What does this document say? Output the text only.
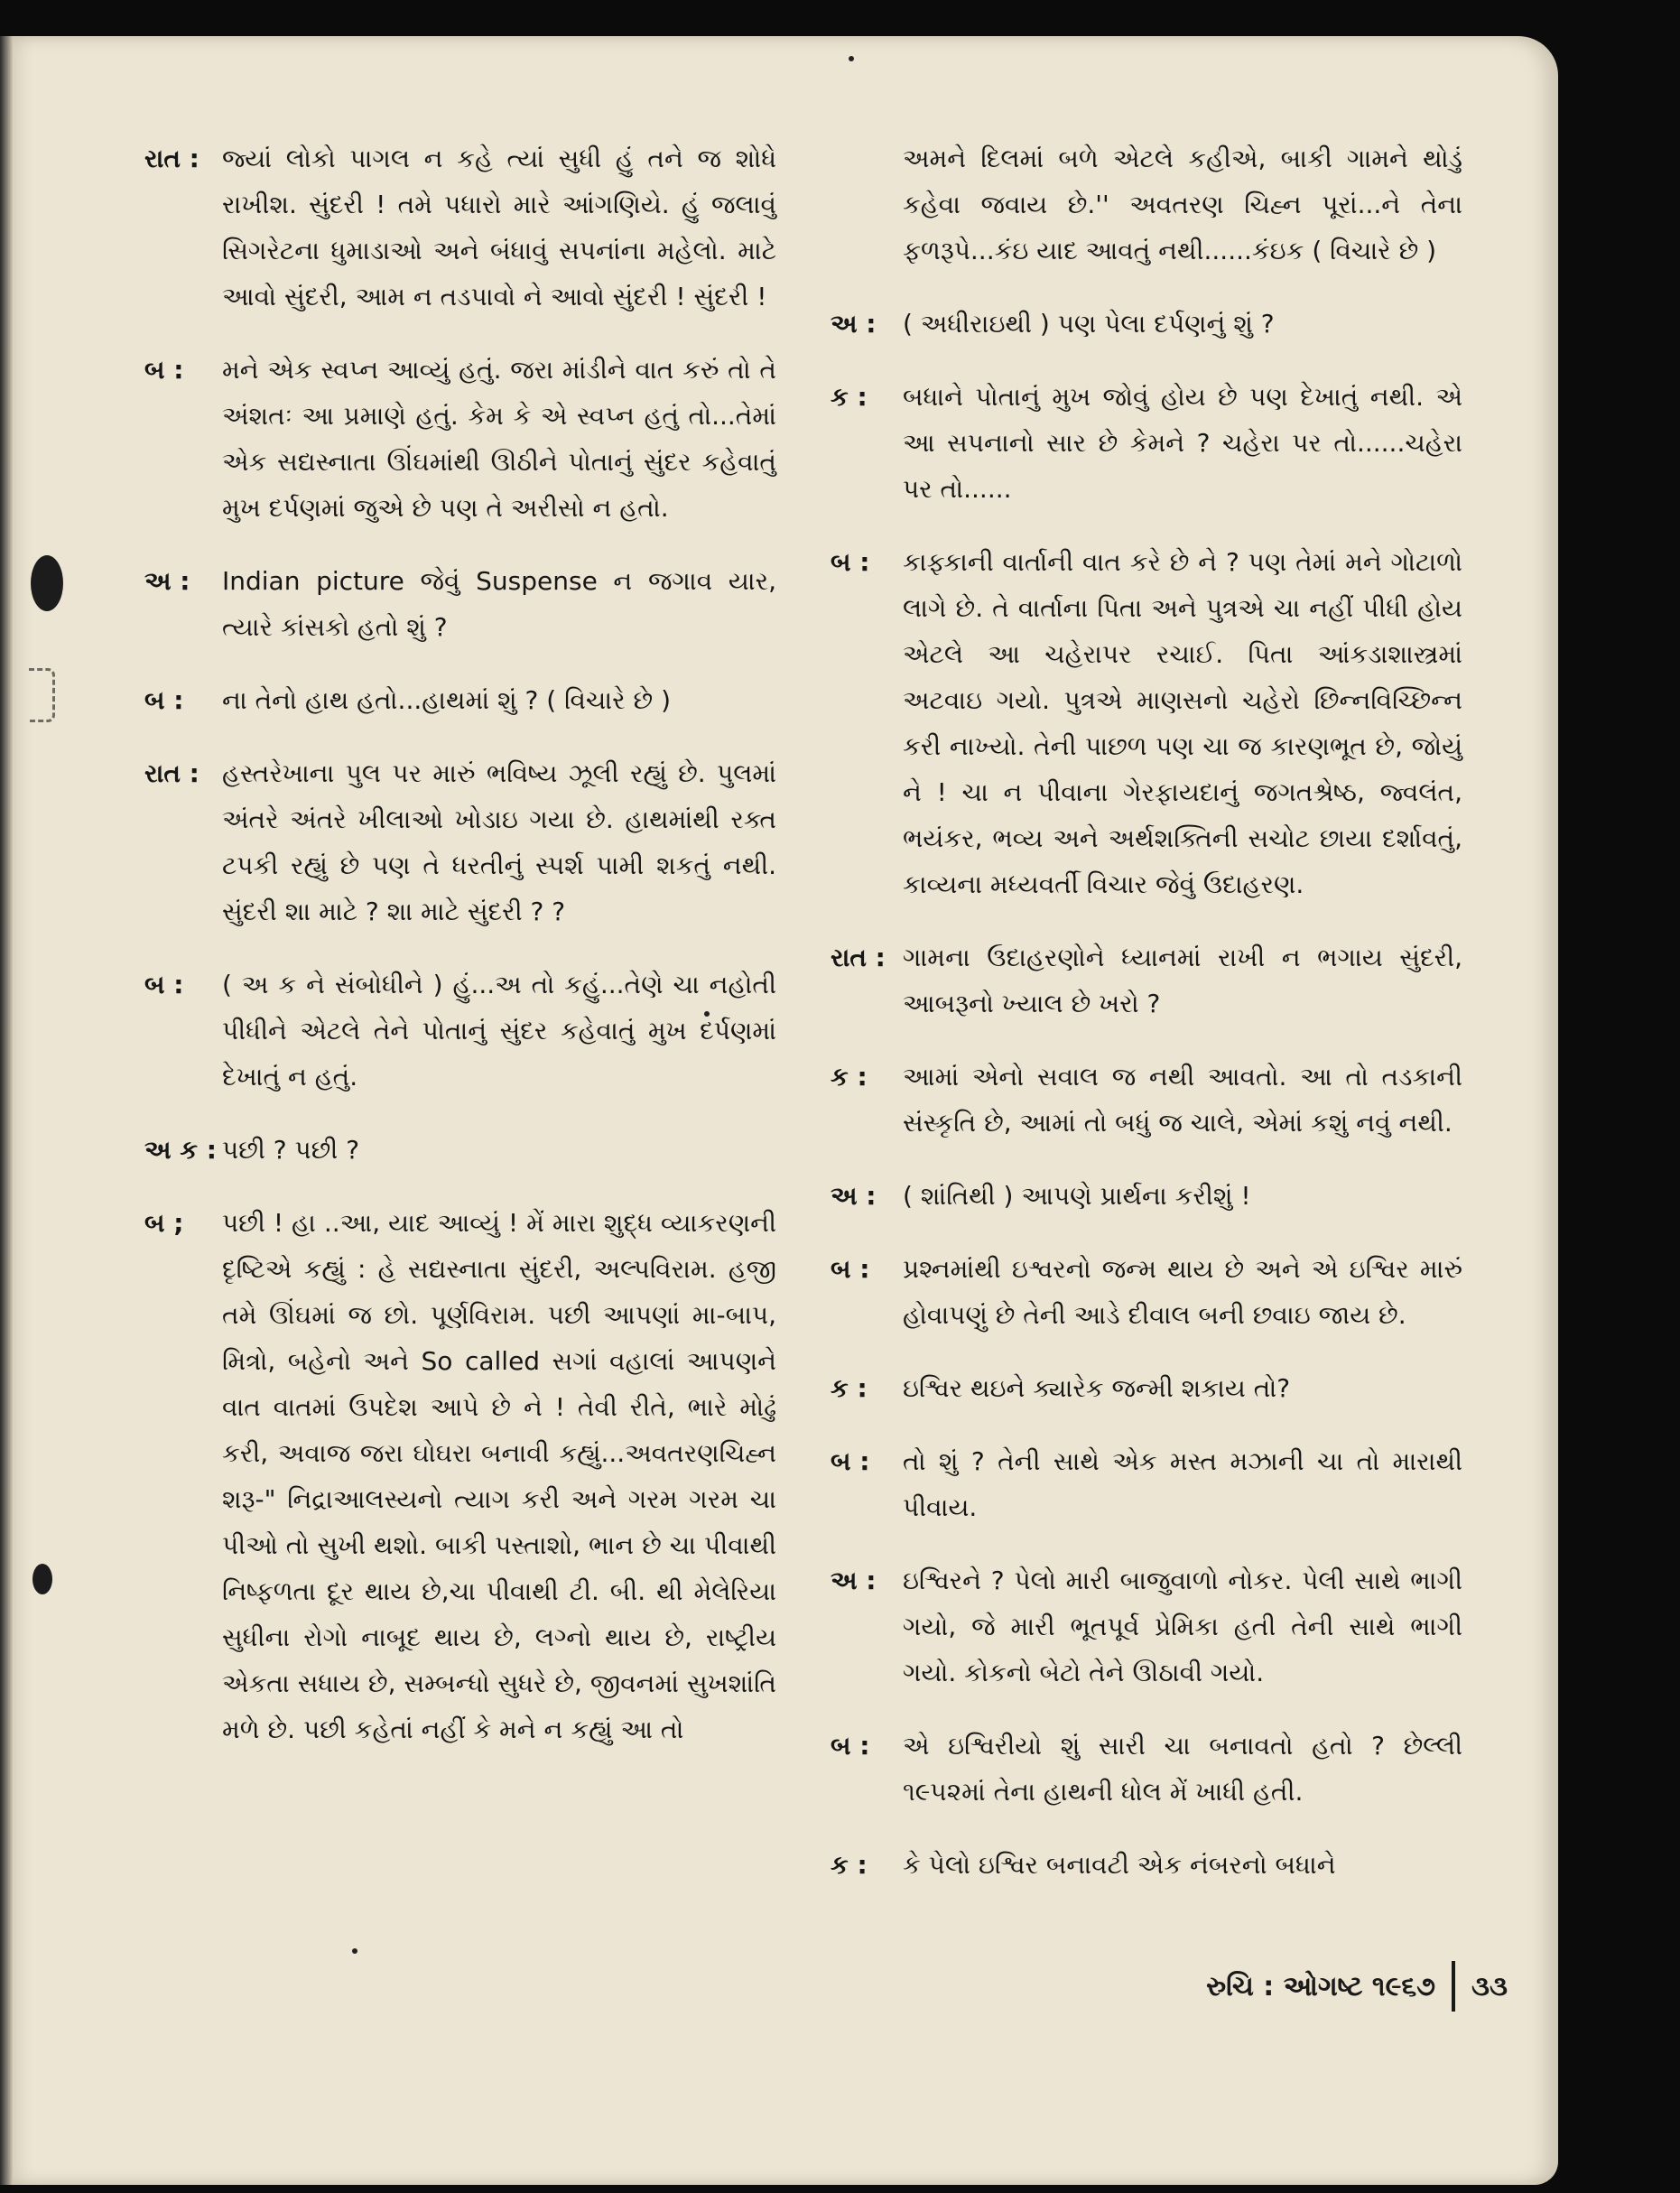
રાત : જ્યાં લોકો પાગલ ન કહે ત્યાં સુધી હું તને જ શોધે રાખીશ. સુંદરી ! તમે પધારો મારે આંગણિયે. હું જલાવું સિગરેટના ધુમાડાઓ અને બંધાવું સપનાંના મહેલો. માટે આવો સુંદરી, આમ ન તડપાવો ને આવો સુંદરી ! સુંદરી !
બ :	મને એક સ્વપ્ન આવ્યું હતું. જરા માંડીને વાત કરું તો તે અંશતઃ આ પ્રમાણે હતું. કેમ કે એ સ્વપ્ન હતું તો...તેમાં એક સદ્યસ્નાતા ઊંઘમાંથી ઊઠીને પોતાનું સુંદર કહેવાતું મુખ દર્પણમાં જુએ છે પણ તે અરીસો ન હતો.
અ :	Indian picture જેવું Suspense ન જગાવ યાર, ત્યારે કાંસકો હતો શું ?
બ :	ના તેનો હાથ હતો...હાથમાં શું ? ( વિચારે છે )
રાત : હસ્તરેખાના પુલ પર મારું ભવિષ્ય ઝૂલી રહ્યું છે. પુલમાં અંતરે અંતરે ખીલાઓ ખોડાઇ ગયા છે. હાથમાંથી રક્ત ટપકી રહ્યું છે પણ તે ધરતીનું સ્પર્શ પામી શકતું નથી. સુંદરી શા માટે ? શા માટે સુંદરી ? ?
બ :	( અ ક ને સંબોધીને ) હું...અ તો કહું...તેણે ચા નહોતી પીધીને એટલે તેને પોતાનું સુંદર કહેવાતું મુખ દર્પણમાં દેખાતું ન હતું.
અ ક : પછી ? પછી ?
બ ;	પછી ! હા ..આ, યાદ આવ્યું ! મેં મારા શુદ્ધ વ્યાકરણની દૃષ્ટિએ કહ્યું : હે સદ્યસ્નાતા સુંદરી, અલ્પવિરામ. હજી તમે ઊંઘમાં જ છો. પૂર્ણવિરામ. પછી આપણાં મા-બાપ, મિત્રો, બહેનો અને So called સગાં વહાલાં આપણને વાત વાતમાં ઉપદેશ આપે છે ને ! તેવી રીતે, ભારે મોઢું કરી, અવાજ જરા ઘોઘરા બનાવી કહ્યું...અવતરણચિહ્ન શરૂ-" નિદ્રાઆલસ્યનો ત્યાગ કરી અને ગરમ ગરમ ચા પીઓ તો સુખી થશો. બાકી પસ્તાશો, ભાન છે ચા પીવાથી નિષ્ફળતા દૂર થાય છે,ચા પીવાથી ટી. બી. થી મેલેરિયા સુધીના રોગો નાબૂદ થાય છે, લગ્નો થાય છે, રાષ્ટ્રીય એકતા સધાય છે, સમ્બન્ધો સુધરે છે, જીવનમાં સુખશાંતિ મળે છે. પછી કહેતાં નહીં કે મને ન કહ્યું આ તો
અમને દિલમાં બળે એટલે કહીએ, બાકી ગામને થોડું કહેવા જવાય છે.'' અવતરણ ચિહ્ન પૂરાં...ને તેના ફળરૂપે...કંઇ યાદ આવતું નથી......કંઇક ( વિચારે છે )
અ :	( અધીરાઇથી ) પણ પેલા દર્પણનું શું ?
ક :	બધાને પોતાનું મુખ જોવું હોય છે પણ દેખાતું નથી. એ આ સપનાનો સાર છે કેમને ? ચહેરા પર તો......ચહેરા પર તો......
બ :	કાફ્કાની વાર્તાની વાત કરે છે ને ? પણ તેમાં મને ગોટાળો લાગે છે. તે વાર્તાના પિતા અને પુત્રએ ચા નહીં પીધી હોય એટલે આ ચહેરાપર રચાઈ. પિતા આંકડાશાસ્ત્રમાં અટવાઇ ગયો. પુત્રએ માણસનો ચહેરો છિન્નવિચ્છિન્ન કરી નાખ્યો. તેની પાછળ પણ ચા જ કારણભૂત છે, જોયું ને ! ચા ન પીવાના ગેરફાયદાનું જગતશ્રેષ્ઠ, જ્વલંત, ભયંકર, ભવ્ય અને અર્થશક્તિની સચોટ છાયા દર્શાવતું, કાવ્યના મધ્યવર્તી વિચાર જેવું ઉદાહરણ.
રાત : ગામના ઉદાહરણોને ધ્યાનમાં રાખી ન ભગાય સુંદરી, આબરૂનો ખ્યાલ છે ખરો ?
ક :	આમાં એનો સવાલ જ નથી આવતો. આ તો તડકાની સંસ્કૃતિ છે, આમાં તો બધું જ ચાલે, એમાં કશું નવું નથી.
અ :	( શાંતિથી ) આપણે પ્રાર્થના કરીશું !
બ :	પ્રશ્નમાંથી ઇશ્વરનો જન્મ થાય છે અને એ ઇશ્વિર મારું હોવાપણું છે તેની આડે દીવાલ બની છવાઇ જાય છે.
ક :	ઇશ્વિર થઇને ક્યારેક જન્મી શકાય તો?
બ :	તો શું ? તેની સાથે એક મસ્ત મઝાની ચા તો મારાથી પીવાય.
અ :	ઇશ્વિરને ? પેલો મારી બાજુવાળો નોકર. પેલી સાથે ભાગી ગયો, જે મારી ભૂતપૂર્વ પ્રેમિકા હતી તેની સાથે ભાગી ગયો. કોકનો બેટો તેને ઊઠાવી ગયો.
બ :	એ ઇશ્વિરીયો શું સારી ચા બનાવતો હતો ? છેલ્લી ૧૯૫૨માં તેના હાથની ધોલ મેં ખાધી હતી.
ક :	કે પેલો ઇશ્વિર બનાવટી એક નંબરનો બધાને
રુચિ : ઓગષ્ટ ૧૯૬૭ ૩૩
